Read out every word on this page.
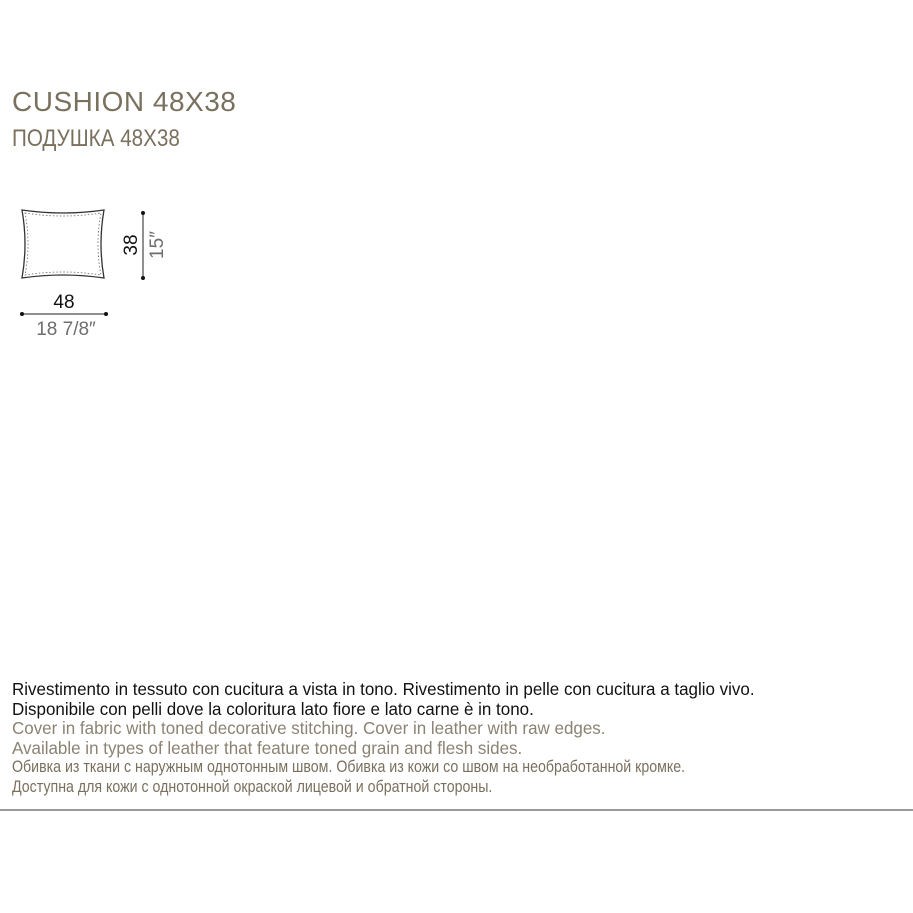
CUSHION 48X38
ПОДУШКА 48X38
38 15″
48
18 7/8″
Rivestimento in tessuto con cucitura a vista in tono. Rivestimento in pelle con cucitura a taglio vivo.
Disponibile con pelli dove la coloritura lato fiore e lato carne è in tono.
Cover in fabric with toned decorative stitching. Cover in leather with raw edges.
Available in types of leather that feature toned grain and flesh sides.
Обивка из ткани с наружным однотонным швом. Обивка из кожи со швом на необработанной кромке.
Доступна для кожи с однотонной окраской лицевой и обратной стороны.
